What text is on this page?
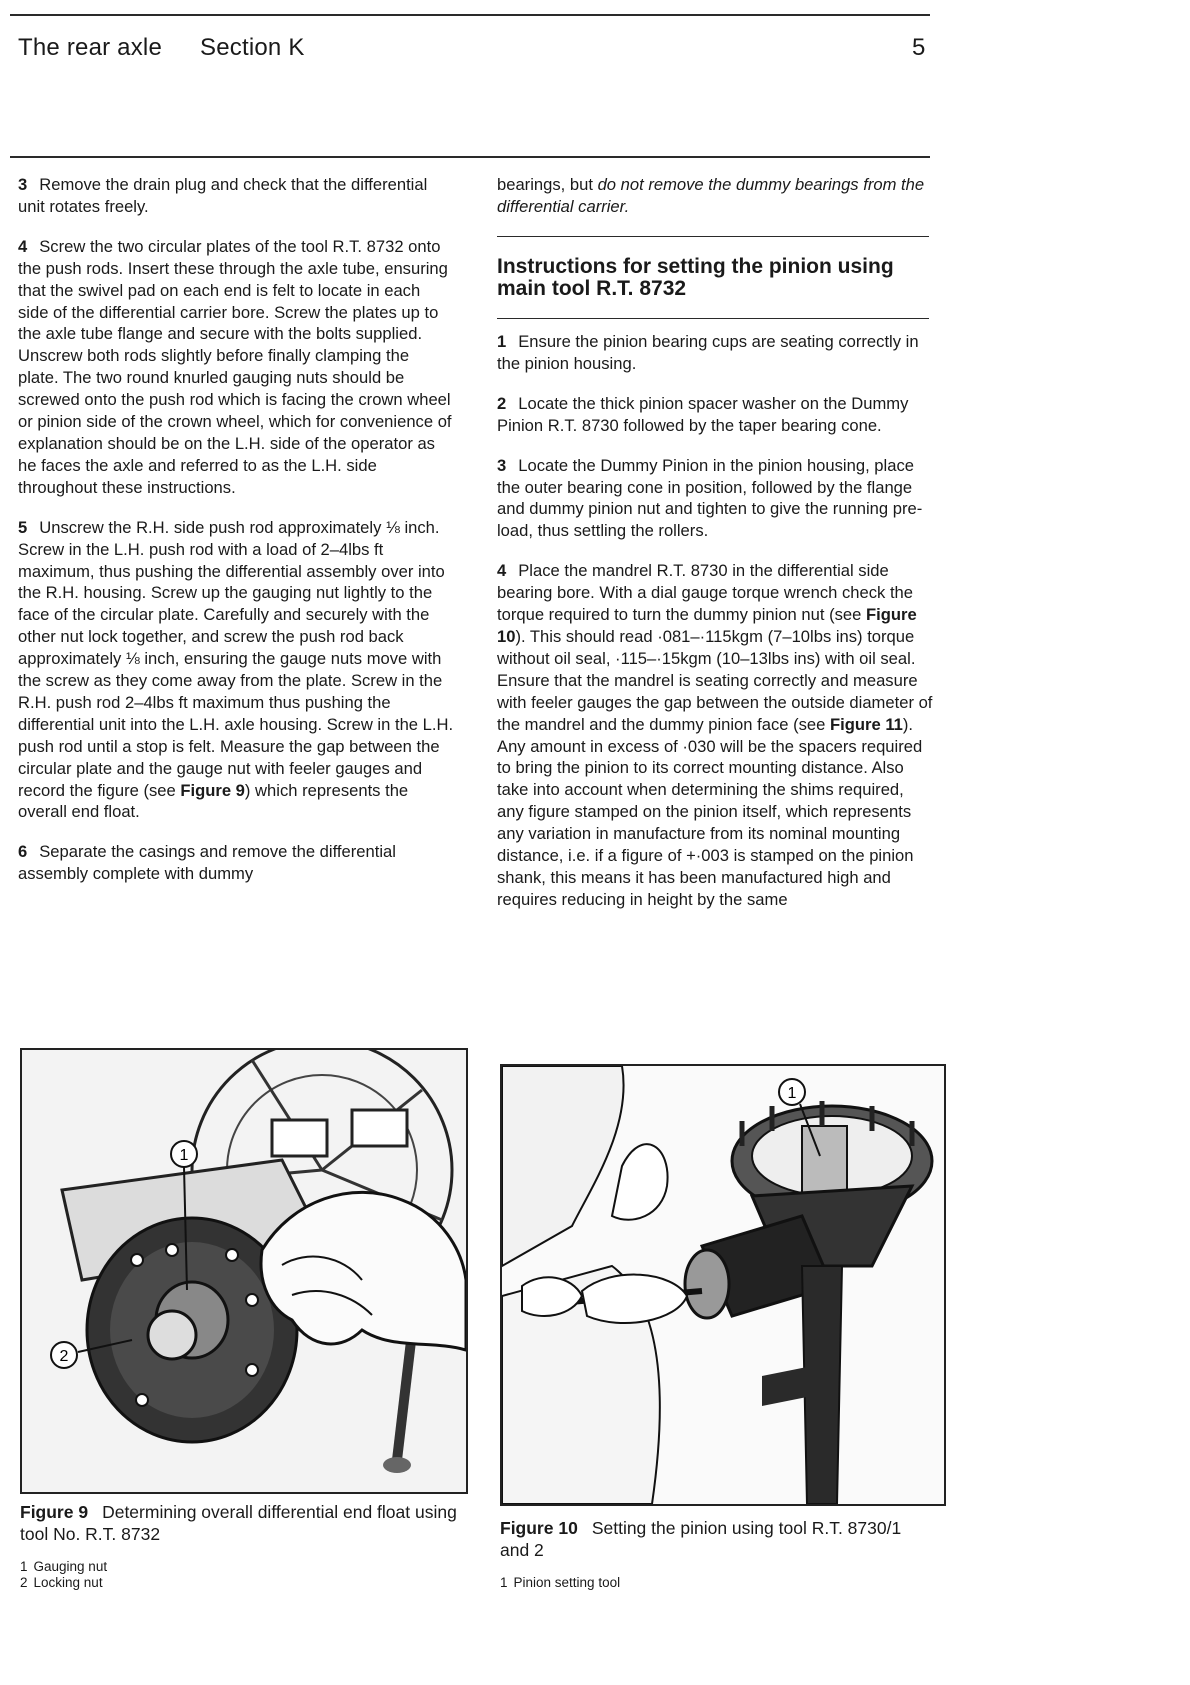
The rear axle Section K	5

3 Remove the drain plug and check that the differential unit rotates freely.

4 Screw the two circular plates of the tool R.T. 8732 onto the push rods. Insert these through the axle tube, ensuring that the swivel pad on each end is felt to locate in each side of the differential carrier bore. Screw the plates up to the axle tube flange and secure with the bolts supplied. Unscrew both rods slightly before finally clamping the plate. The two round knurled gauging nuts should be screwed onto the push rod which is facing the crown wheel or pinion side of the crown wheel, which for convenience of explanation should be on the L.H. side of the operator as he faces the axle and referred to as the L.H. side throughout these instructions.

5 Unscrew the R.H. side push rod approximately ⅛ inch. Screw in the L.H. push rod with a load of 2–4lbs ft maximum, thus pushing the differential assembly over into the R.H. housing. Screw up the gauging nut lightly to the face of the circular plate. Carefully and securely with the other nut lock together, and screw the push rod back approximately ⅛ inch, ensuring the gauge nuts move with the screw as they come away from the plate. Screw in the R.H. push rod 2–4lbs ft maximum thus pushing the differential unit into the L.H. axle housing. Screw in the L.H. push rod until a stop is felt. Measure the gap between the circular plate and the gauge nut with feeler gauges and record the figure (see Figure 9) which represents the overall end float.

6 Separate the casings and remove the differential assembly complete with dummy

bearings, but do not remove the dummy bearings from the differential carrier.

Instructions for setting the pinion using main tool R.T. 8732

1 Ensure the pinion bearing cups are seating correctly in the pinion housing.

2 Locate the thick pinion spacer washer on the Dummy Pinion R.T. 8730 followed by the taper bearing cone.

3 Locate the Dummy Pinion in the pinion housing, place the outer bearing cone in position, followed by the flange and dummy pinion nut and tighten to give the running pre-load, thus settling the rollers.

4 Place the mandrel R.T. 8730 in the differential side bearing bore. With a dial gauge torque wrench check the torque required to turn the dummy pinion nut (see Figure 10). This should read ·081–·115kgm (7–10lbs ins) torque without oil seal, ·115–·15kgm (10–13lbs ins) with oil seal. Ensure that the mandrel is seating correctly and measure with feeler gauges the gap between the outside diameter of the mandrel and the dummy pinion face (see Figure 11). Any amount in excess of ·030 will be the spacers required to bring the pinion to its correct mounting distance. Also take into account when determining the shims required, any figure stamped on the pinion itself, which represents any variation in manufacture from its nominal mounting distance, i.e. if a figure of +·003 is stamped on the pinion shank, this means it has been manufactured high and requires reducing in height by the same

1
2
Figure 9 Determining overall differential end float using tool No. R.T. 8732
1 Gauging nut
2 Locking nut
1
Figure 10 Setting the pinion using tool R.T. 8730/1 and 2
1 Pinion setting tool
